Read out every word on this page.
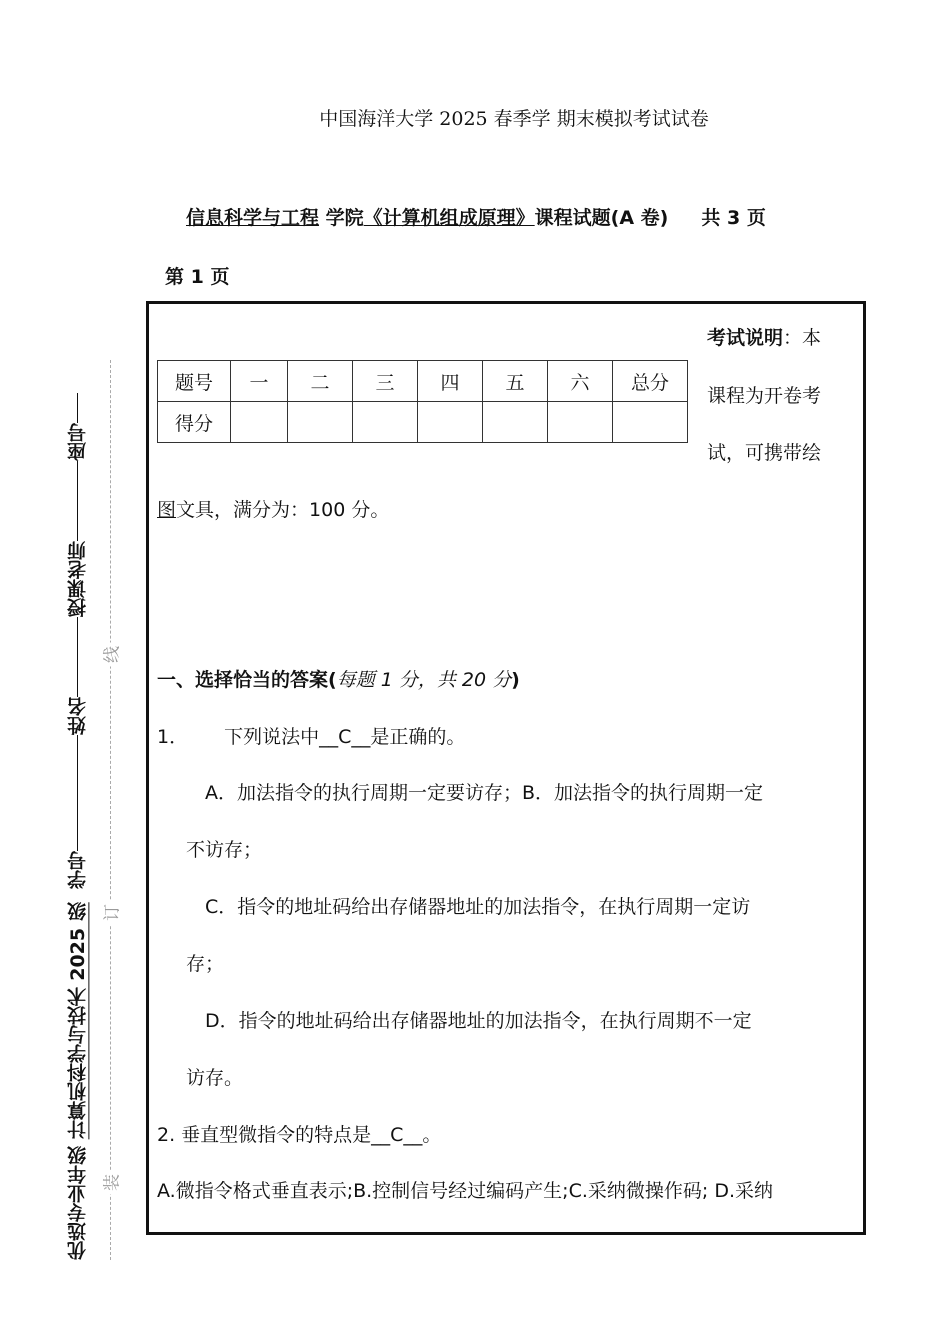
中国海洋大学 2025 春季学 期末模拟考试试卷
信息科学与工程 学院《计算机组成原理》课程试题(A 卷) 共 3 页
第 1 页
优选专业年级 计算机科学与技术 2025 级  学号姓名授课老师座号
装
订
线
题号	一	二	三	四	五	六	总分
得分							
考试说明：本
课程为开卷考
试，可携带绘
图文具，满分为：100 分。
一、选择恰当的答案(每题 1 分，共 20 分)
1． 下列说法中__C__是正确的。
A．加法指令的执行周期一定要访存；B．加法指令的执行周期一定
不访存；
C．指令的地址码给出存储器地址的加法指令，在执行周期一定访
存；
D．指令的地址码给出存储器地址的加法指令，在执行周期不一定
访存。
2. 垂直型微指令的特点是__C__。
A.微指令格式垂直表示;B.控制信号经过编码产生;C.采纳微操作码; D.采纳
